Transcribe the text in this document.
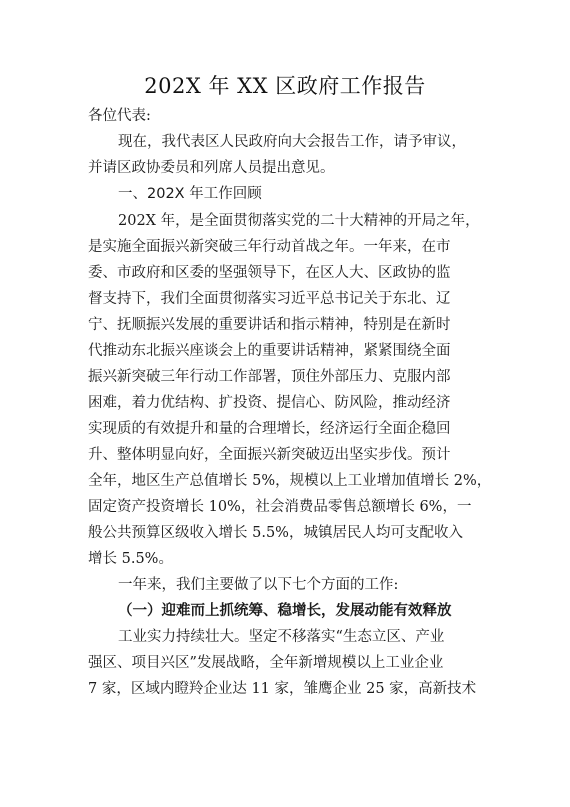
202X 年 XX 区政府工作报告
各位代表:
现在，我代表区人民政府向大会报告工作，请予审议，
并请区政协委员和列席人员提出意见。
一、202X 年工作回顾
202X 年，是全面贯彻落实党的二十大精神的开局之年，
是实施全面振兴新突破三年行动首战之年。一年来，在市
委、市政府和区委的坚强领导下，在区人大、区政协的监
督支持下，我们全面贯彻落实习近平总书记关于东北、辽
宁、抚顺振兴发展的重要讲话和指示精神，特别是在新时
代推动东北振兴座谈会上的重要讲话精神，紧紧围绕全面
振兴新突破三年行动工作部署，顶住外部压力、克服内部
困难，着力优结构、扩投资、提信心、防风险，推动经济
实现质的有效提升和量的合理增长，经济运行全面企稳回
升、整体明显向好，全面振兴新突破迈出坚实步伐。预计
全年，地区生产总值增长 5%，规模以上工业增加值增长 2%，
固定资产投资增长 10%，社会消费品零售总额增长 6%，一
般公共预算区级收入增长 5.5%，城镇居民人均可支配收入
增长 5.5%。
一年来，我们主要做了以下七个方面的工作:
（一）迎难而上抓统筹、稳增长，发展动能有效释放
工业实力持续壮大。坚定不移落实“生态立区、产业
强区、项目兴区”发展战略，全年新增规模以上工业企业
7 家，区域内瞪羚企业达 11 家，雏鹰企业 25 家，高新技术
